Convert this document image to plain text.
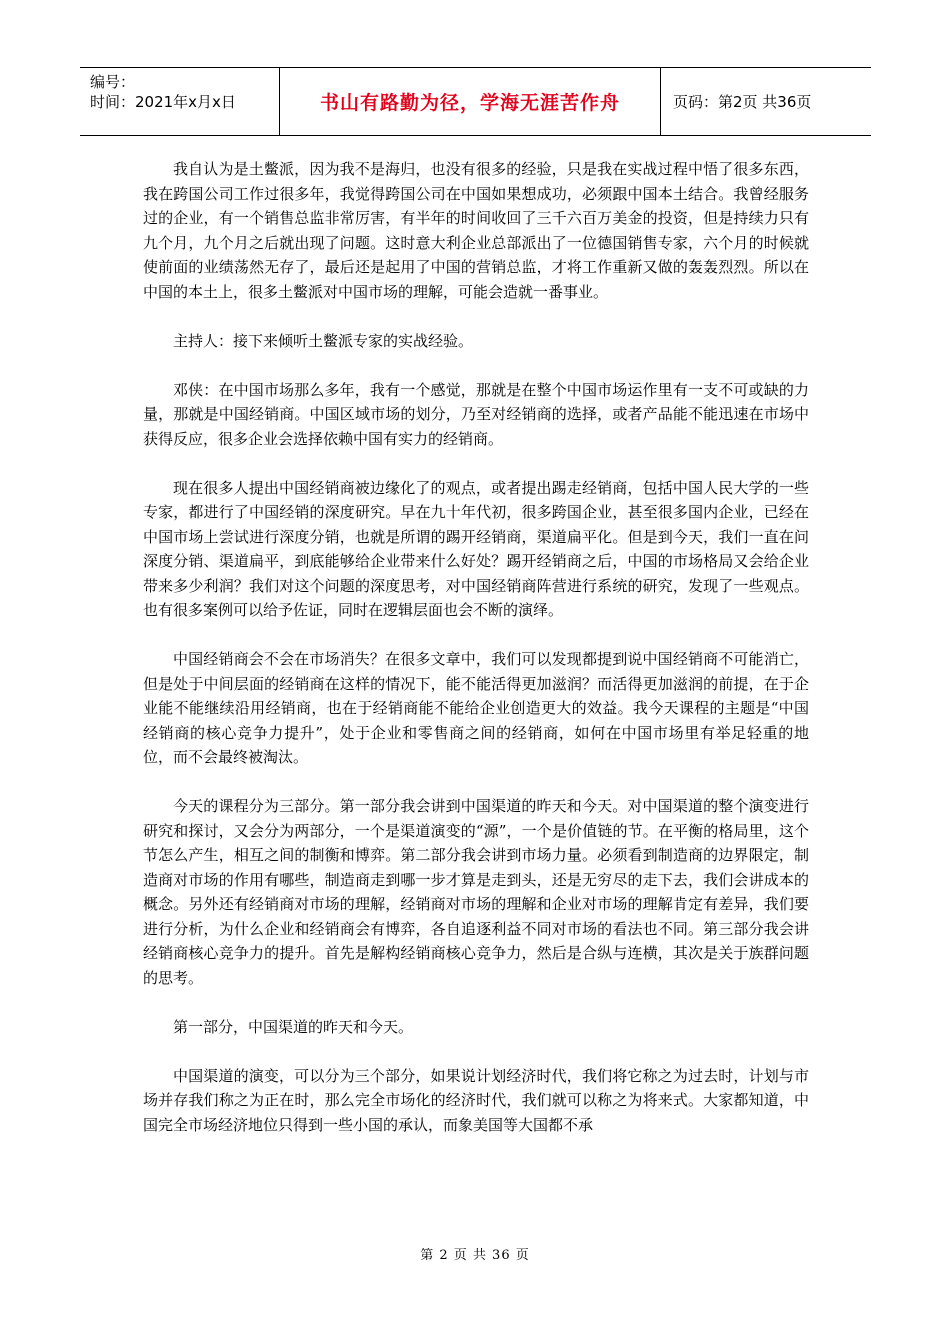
编号：
时间：2021年x月x日	书山有路勤为径，学海无涯苦作舟	页码：第2页 共36页

我自认为是土鳖派，因为我不是海归，也没有很多的经验，只是我在实战过程中悟了很多东西，我在跨国公司工作过很多年，我觉得跨国公司在中国如果想成功，必须跟中国本土结合。我曾经服务过的企业，有一个销售总监非常厉害，有半年的时间收回了三千六百万美金的投资，但是持续力只有九个月，九个月之后就出现了问题。这时意大利企业总部派出了一位德国销售专家，六个月的时候就使前面的业绩荡然无存了，最后还是起用了中国的营销总监，才将工作重新又做的轰轰烈烈。所以在中国的本土上，很多土鳖派对中国市场的理解，可能会造就一番事业。

主持人：接下来倾听土鳖派专家的实战经验。

邓侠：在中国市场那么多年，我有一个感觉，那就是在整个中国市场运作里有一支不可或缺的力量，那就是中国经销商。中国区域市场的划分，乃至对经销商的选择，或者产品能不能迅速在市场中获得反应，很多企业会选择依赖中国有实力的经销商。

现在很多人提出中国经销商被边缘化了的观点，或者提出踢走经销商，包括中国人民大学的一些专家，都进行了中国经销的深度研究。早在九十年代初，很多跨国企业，甚至很多国内企业，已经在中国市场上尝试进行深度分销，也就是所谓的踢开经销商，渠道扁平化。但是到今天，我们一直在问深度分销、渠道扁平，到底能够给企业带来什么好处？踢开经销商之后，中国的市场格局又会给企业带来多少利润？我们对这个问题的深度思考，对中国经销商阵营进行系统的研究，发现了一些观点。也有很多案例可以给予佐证，同时在逻辑层面也会不断的演绎。

中国经销商会不会在市场消失？在很多文章中，我们可以发现都提到说中国经销商不可能消亡，但是处于中间层面的经销商在这样的情况下，能不能活得更加滋润？而活得更加滋润的前提，在于企业能不能继续沿用经销商，也在于经销商能不能给企业创造更大的效益。我今天课程的主题是“中国经销商的核心竞争力提升”，处于企业和零售商之间的经销商，如何在中国市场里有举足轻重的地位，而不会最终被淘汰。

今天的课程分为三部分。第一部分我会讲到中国渠道的昨天和今天。对中国渠道的整个演变进行研究和探讨，又会分为两部分，一个是渠道演变的“源”，一个是价值链的节。在平衡的格局里，这个节怎么产生，相互之间的制衡和博弈。第二部分我会讲到市场力量。必须看到制造商的边界限定，制造商对市场的作用有哪些，制造商走到哪一步才算是走到头，还是无穷尽的走下去，我们会讲成本的概念。另外还有经销商对市场的理解，经销商对市场的理解和企业对市场的理解肯定有差异，我们要进行分析，为什么企业和经销商会有博弈，各自追逐利益不同对市场的看法也不同。第三部分我会讲经销商核心竞争力的提升。首先是解构经销商核心竞争力，然后是合纵与连横，其次是关于族群问题的思考。

第一部分，中国渠道的昨天和今天。

中国渠道的演变，可以分为三个部分，如果说计划经济时代，我们将它称之为过去时，计划与市场并存我们称之为正在时，那么完全市场化的经济时代，我们就可以称之为将来式。大家都知道，中国完全市场经济地位只得到一些小国的承认，而象美国等大国都不承

第 2 页 共 36 页
